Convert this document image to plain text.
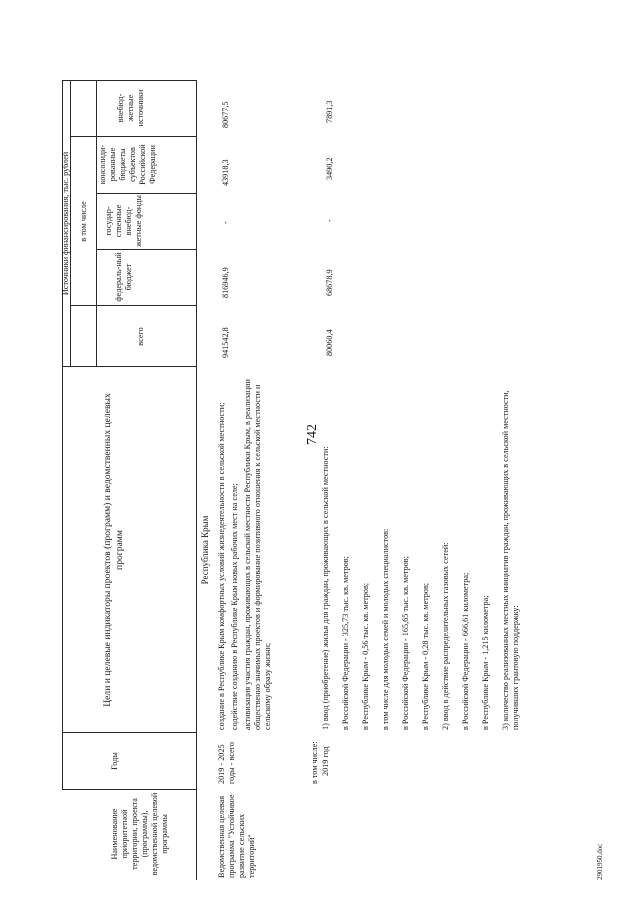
742
2901950.doc
Наименование приоритетной территории, проекта (программы), ведомственной целевой программы
Годы
Цели и целевые индикаторы проектов (программ) и ведомственных целевых программ
Источники финансирования, тыс. рублей в том числе
всего
федераль-ный бюджет
государ-ственные внебюд-жетные фонды
консолиди-рованные бюджеты субъектов Российской Федерации
внебюд-жетные источники
Республика Крым
Ведомственная целевая программа "Устойчивое развитие сельских территорий"
2019 - 2025 годы - всего
создание в Республике Крым комфортных условий жизнедеятельности в сельской местности; содействие созданию в Республике Крым новых рабочих мест на селе; активизация участия граждан, проживающих в сельской местности Республики Крым, в реализации общественно значимых проектов и формирование позитивного отношения к сельской местности и сельскому образу жизни;
941542,8
816946,9
-
43918,3
80677,5
в том числе: 2019 год
1) ввод (приобретение) жилья для граждан, проживающих в сельской местности: в Российской Федерации - 325,73 тыс. кв. метров; в Республике Крым - 0,56 тыс. кв. метров; в том числе для молодых семей и молодых специалистов: в Российской Федерации - 165,65 тыс. кв. метров; в Республике Крым - 0,28 тыс. кв. метров; 2) ввод в действие распределительных газовых сетей: в Российской Федерации - 666,61 километра; в Республике Крым - 1,215 километра; 3) количество реализованных местных инициатив граждан, проживающих в сельской местности, получивших грантовую поддержку:
80060,4
68678,9
-
3490,2
7891,3
